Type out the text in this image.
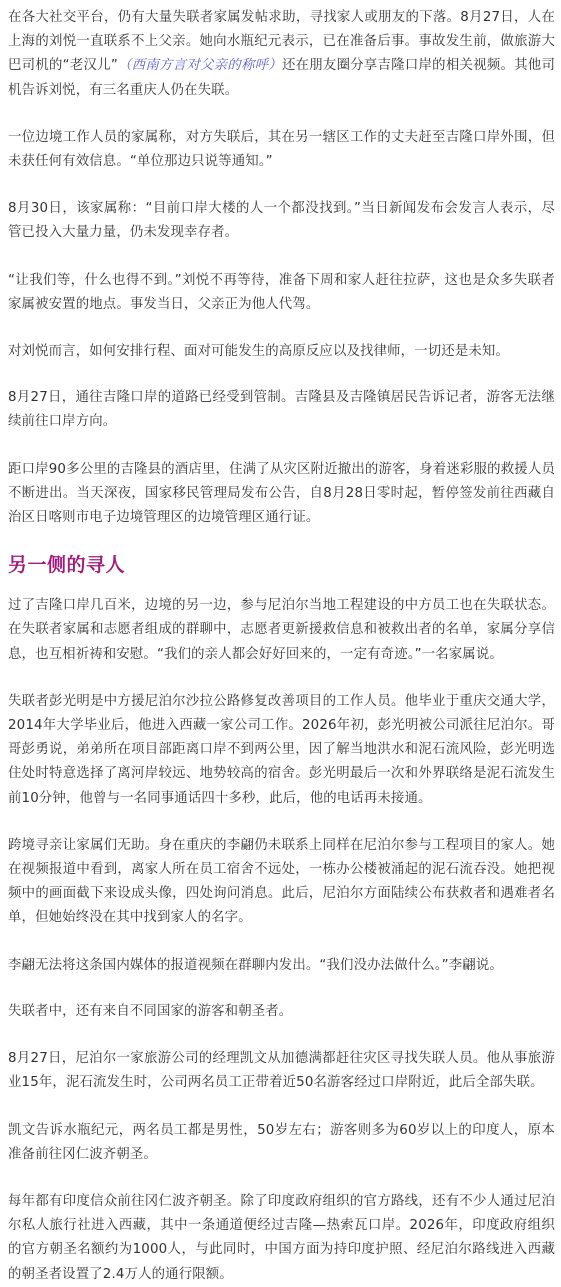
在各大社交平台，仍有大量失联者家属发帖求助，寻找家人或朋友的下落。8月27日，人在上海的刘悦一直联系不上父亲。她向水瓶纪元表示，已在准备后事。事故发生前，做旅游大巴司机的“老汉儿”（西南方言对父亲的称呼）还在朋友圈分享吉隆口岸的相关视频。其他司机告诉刘悦，有三名重庆人仍在失联。

一位边境工作人员的家属称，对方失联后，其在另一辖区工作的丈夫赶至吉隆口岸外围，但未获任何有效信息。“单位那边只说等通知。”

8月30日，该家属称：“目前口岸大楼的人一个都没找到。”当日新闻发布会发言人表示，尽管已投入大量力量，仍未发现幸存者。

“让我们等，什么也得不到。”刘悦不再等待，准备下周和家人赶往拉萨，这也是众多失联者家属被安置的地点。事发当日，父亲正为他人代驾。

对刘悦而言，如何安排行程、面对可能发生的高原反应以及找律师，一切还是未知。

8月27日，通往吉隆口岸的道路已经受到管制。吉隆县及吉隆镇居民告诉记者，游客无法继续前往口岸方向。

距口岸90多公里的吉隆县的酒店里，住满了从灾区附近撤出的游客，身着迷彩服的救援人员不断进出。当天深夜，国家移民管理局发布公告，自8月28日零时起，暂停签发前往西藏自治区日喀则市电子边境管理区的边境管理区通行证。

另一侧的寻人

过了吉隆口岸几百米，边境的另一边，参与尼泊尔当地工程建设的中方员工也在失联状态。在失联者家属和志愿者组成的群聊中，志愿者更新援救信息和被救出者的名单，家属分享信息，也互相祈祷和安慰。“我们的亲人都会好好回来的，一定有奇迹。”一名家属说。

失联者彭光明是中方援尼泊尔沙拉公路修复改善项目的工作人员。他毕业于重庆交通大学，2014年大学毕业后，他进入西藏一家公司工作。2026年初，彭光明被公司派往尼泊尔。哥哥彭勇说，弟弟所在项目部距离口岸不到两公里，因了解当地洪水和泥石流风险，彭光明选住处时特意选择了离河岸较远、地势较高的宿舍。彭光明最后一次和外界联络是泥石流发生前10分钟，他曾与一名同事通话四十多秒，此后，他的电话再未接通。

跨境寻亲让家属们无助。身在重庆的李翩仍未联系上同样在尼泊尔参与工程项目的家人。她在视频报道中看到，离家人所在员工宿舍不远处，一栋办公楼被涌起的泥石流吞没。她把视频中的画面截下来设成头像，四处询问消息。此后，尼泊尔方面陆续公布获救者和遇难者名单，但她始终没在其中找到家人的名字。

李翩无法将这条国内媒体的报道视频在群聊内发出。“我们没办法做什么。”李翩说。

失联者中，还有来自不同国家的游客和朝圣者。

8月27日，尼泊尔一家旅游公司的经理凯文从加德满都赶往灾区寻找失联人员。他从事旅游业15年，泥石流发生时，公司两名员工正带着近50名游客经过口岸附近，此后全部失联。

凯文告诉水瓶纪元，两名员工都是男性，50岁左右；游客则多为60岁以上的印度人，原本准备前往冈仁波齐朝圣。

每年都有印度信众前往冈仁波齐朝圣。除了印度政府组织的官方路线，还有不少人通过尼泊尔私人旅行社进入西藏，其中一条通道便经过吉隆—热索瓦口岸。2026年，印度政府组织的官方朝圣名额约为1000人，与此同时，中国方面为持印度护照、经尼泊尔路线进入西藏的朝圣者设置了2.4万人的通行限额。
